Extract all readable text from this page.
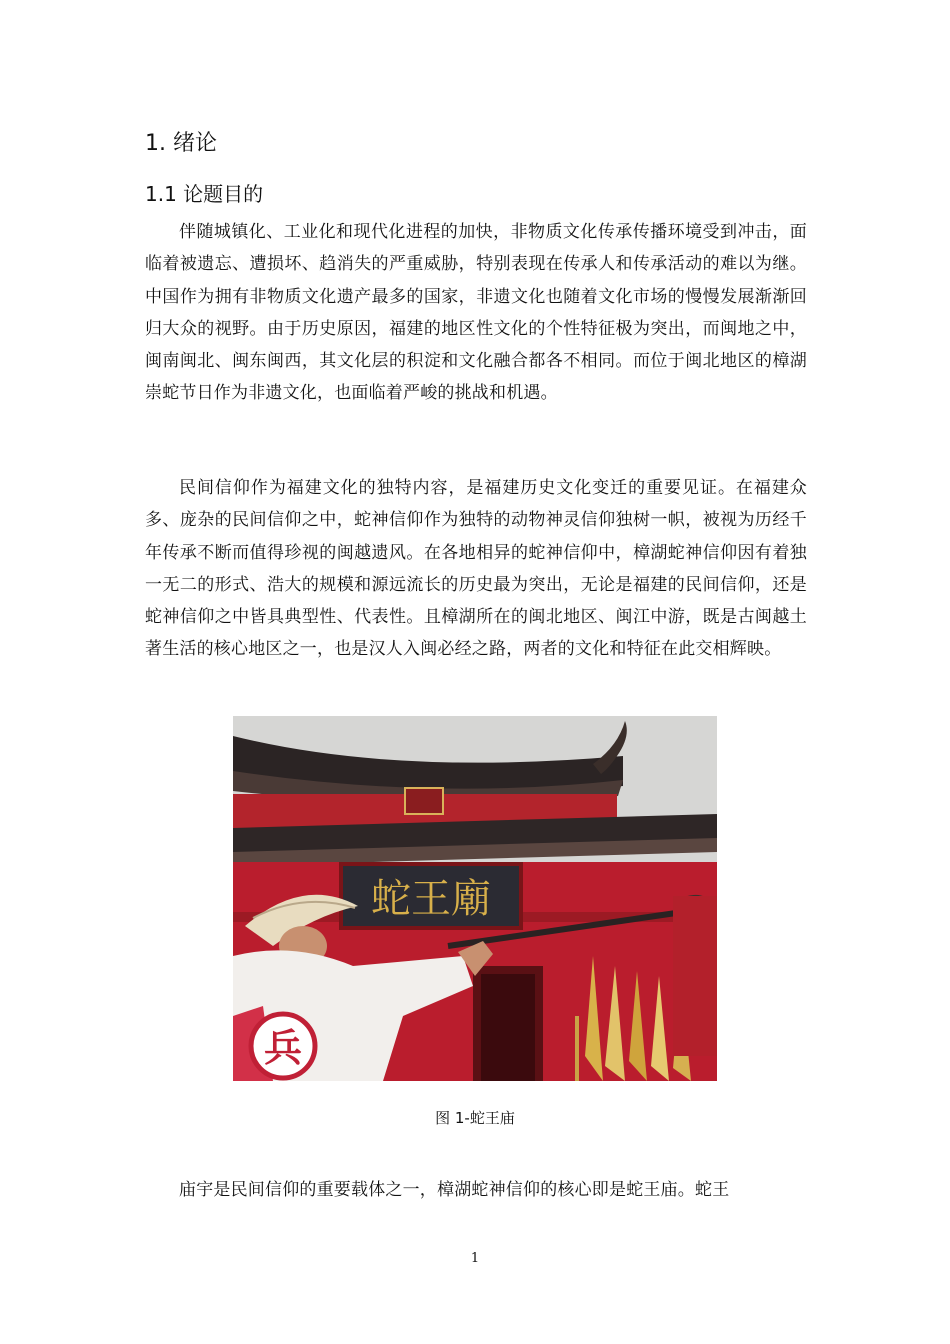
1. 绪论
1.1 论题目的

伴随城镇化、工业化和现代化进程的加快，非物质文化传承传播环境受到冲击，面临着被遗忘、遭损坏、趋消失的严重威胁，特别表现在传承人和传承活动的难以为继。中国作为拥有非物质文化遗产最多的国家，非遗文化也随着文化市场的慢慢发展渐渐回归大众的视野。由于历史原因，福建的地区性文化的个性特征极为突出，而闽地之中，闽南闽北、闽东闽西，其文化层的积淀和文化融合都各不相同。而位于闽北地区的樟湖崇蛇节日作为非遗文化，也面临着严峻的挑战和机遇。

民间信仰作为福建文化的独特内容，是福建历史文化变迁的重要见证。在福建众多、庞杂的民间信仰之中，蛇神信仰作为独特的动物神灵信仰独树一帜，被视为历经千年传承不断而值得珍视的闽越遗风。在各地相异的蛇神信仰中，樟湖蛇神信仰因有着独一无二的形式、浩大的规模和源远流长的历史最为突出，无论是福建的民间信仰，还是蛇神信仰之中皆具典型性、代表性。且樟湖所在的闽北地区、闽江中游，既是古闽越土著生活的核心地区之一，也是汉人入闽必经之路，两者的文化和特征在此交相辉映。

蛇王廟
兵
图 1-蛇王庙

庙宇是民间信仰的重要载体之一，樟湖蛇神信仰的核心即是蛇王庙。蛇王

1
